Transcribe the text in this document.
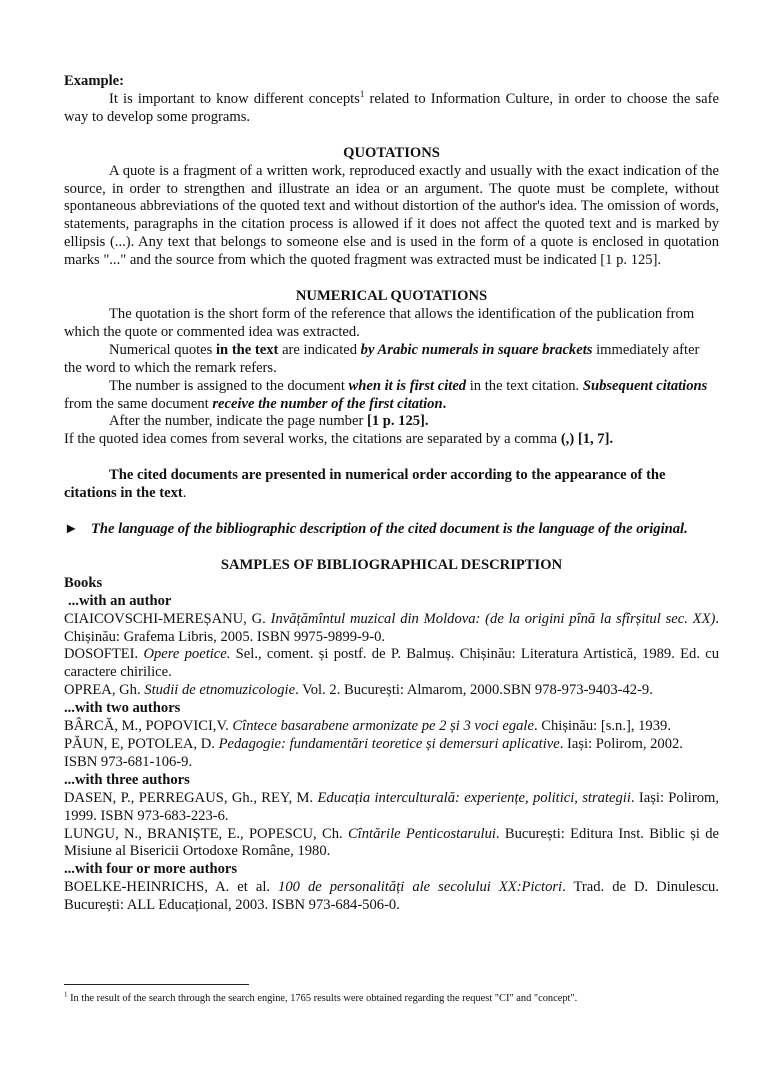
Example:

It is important to know different concepts$^1$ related to Information Culture, in order to choose the safe way to develop some programs.

QUOTATIONS

A quote is a fragment of a written work, reproduced exactly and usually with the exact indication of the source, in order to strengthen and illustrate an idea or an argument. The quote must be complete, without spontaneous abbreviations of the quoted text and without distortion of the author's idea. The omission of words, statements, paragraphs in the citation process is allowed if it does not affect the quoted text and is marked by ellipsis (...). Any text that belongs to someone else and is used in the form of a quote is enclosed in quotation marks "..." and the source from which the quoted fragment was extracted must be indicated [1 p. 125].

NUMERICAL QUOTATIONS

The quotation is the short form of the reference that allows the identification of the publication from which the quote or commented idea was extracted.

Numerical quotes in the text are indicated by Arabic numerals in square brackets immediately after the word to which the remark refers.

The number is assigned to the document when it is first cited in the text citation. Subsequent citations from the same document receive the number of the first citation.

After the number, indicate the page number [1 p. 125].

If the quoted idea comes from several works, the citations are separated by a comma (,) [1, 7].

The cited documents are presented in numerical order according to the appearance of the citations in the text.

► The language of the bibliographic description of the cited document is the language of the original.

SAMPLES OF BIBLIOGRAPHICAL DESCRIPTION

Books

...with an author

CIAICOVSCHI-MEREȘANU, G. Invățămîntul muzical din Moldova: (de la origini pînă la sfîrșitul sec. XX). Chișinău: Grafema Libris, 2005. ISBN 9975-9899-9-0.

DOSOFTEI. Opere poetice. Sel., coment. și postf. de P. Balmuș. Chișinău: Literatura Artistică, 1989. Ed. cu caractere chirilice.

OPREA, Gh. Studii de etnomuzicologie. Vol. 2. București: Almarom, 2000.SBN 978-973-9403-42-9.

...with two authors

BÂRCĂ, M., POPOVICI,V. Cîntece basarabene armonizate pe 2 și 3 voci egale. Chișinău: [s.n.], 1939.

PĂUN, E, POTOLEA, D. Pedagogie: fundamentări teoretice și demersuri aplicative. Iași: Polirom, 2002. ISBN 973-681-106-9.

...with three authors

DASEN, P., PERREGAUS, Gh., REY, M. Educația interculturală: experiențe, politici, strategii. Iași: Polirom, 1999. ISBN 973-683-223-6.

LUNGU, N., BRANIȘTE, E., POPESCU, Ch. Cîntările Penticostarului. București: Editura Inst. Biblic și de Misiune al Bisericii Ortodoxe Române, 1980.

...with four or more authors

BOELKE-HEINRICHS, A. et al. 100 de personalități ale secolului XX:Pictori. Trad. de D. Dinulescu. București: ALL Educațional, 2003. ISBN 973-684-506-0.

$^1$ In the result of the search through the search engine, 1765 results were obtained regarding the request "CI" and "concept".
